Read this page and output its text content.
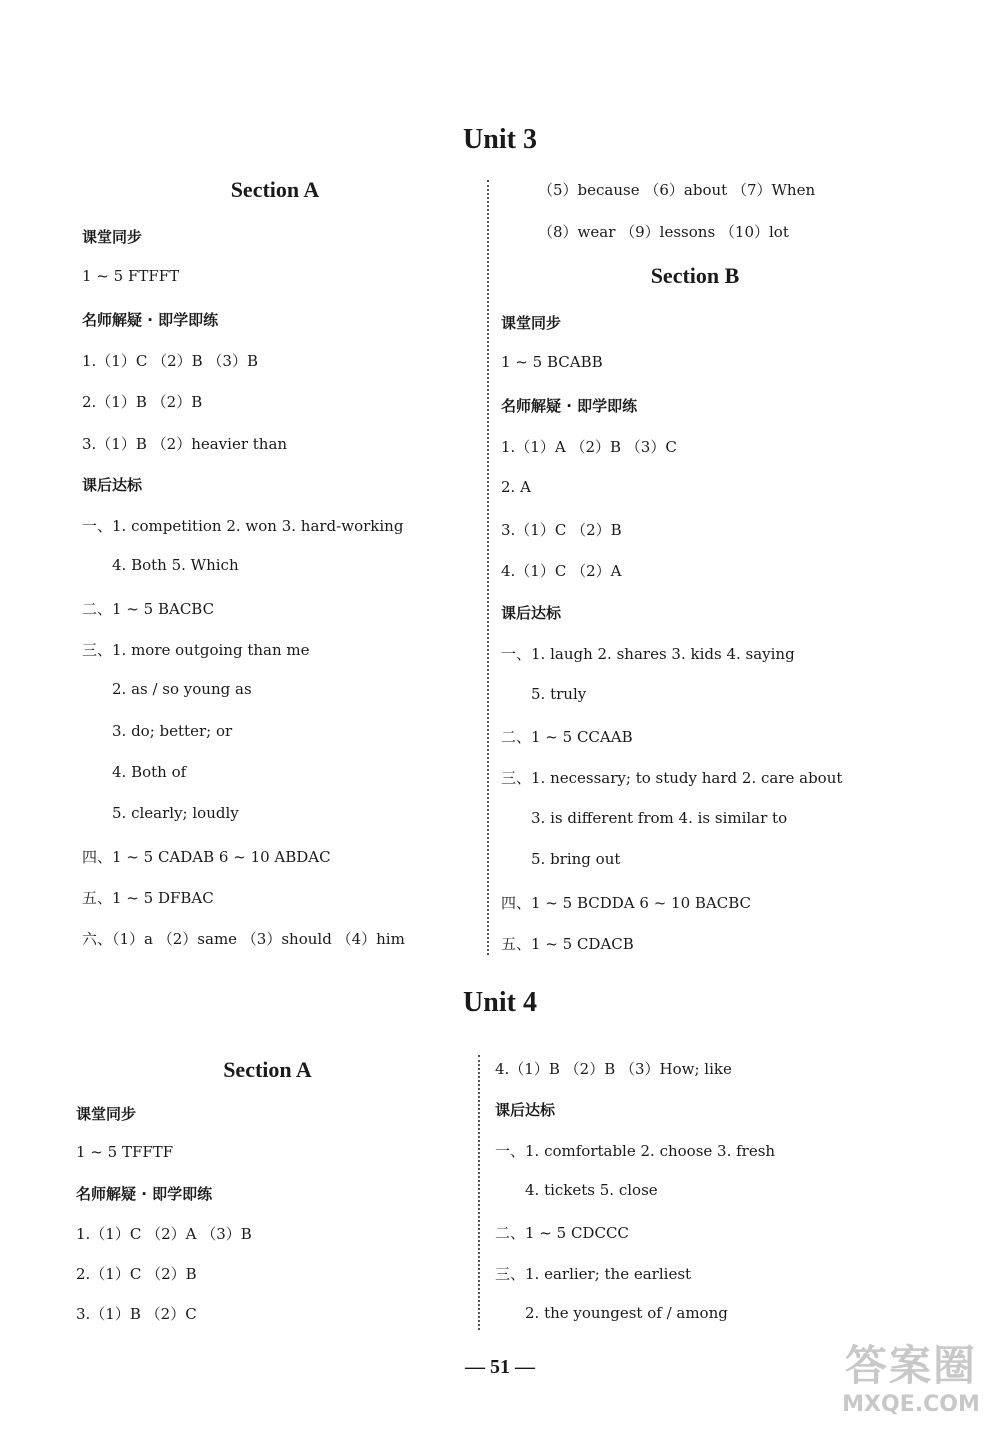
Unit 3
Section A
课堂同步
1 ~ 5 FTFFT
名师解疑 · 即学即练
1.（1）C （2）B （3）B
2.（1）B （2）B
3.（1）B （2）heavier than
课后达标
一、1. competition 2. won 3. hard-working
4. Both 5. Which
二、1 ~ 5 BACBC
三、1. more outgoing than me
2. as / so young as
3. do; better; or
4. Both of
5. clearly; loudly
四、1 ~ 5 CADAB 6 ~ 10 ABDAC
五、1 ~ 5 DFBAC
六、（1）a （2）same （3）should （4）him
（5）because （6）about （7）When
（8）wear （9）lessons （10）lot
Section B
课堂同步
1 ~ 5 BCABB
名师解疑 · 即学即练
1.（1）A （2）B （3）C
2. A
3.（1）C （2）B
4.（1）C （2）A
课后达标
一、1. laugh 2. shares 3. kids 4. saying
5. truly
二、1 ~ 5 CCAAB
三、1. necessary; to study hard 2. care about
3. is different from 4. is similar to
5. bring out
四、1 ~ 5 BCDDA 6 ~ 10 BACBC
五、1 ~ 5 CDACB
Unit 4
Section A
课堂同步
1 ~ 5 TFFTF
名师解疑 · 即学即练
1.（1）C （2）A （3）B
2.（1）C （2）B
3.（1）B （2）C
4.（1）B （2）B （3）How; like
课后达标
一、1. comfortable 2. choose 3. fresh
4. tickets 5. close
二、1 ~ 5 CDCCC
三、1. earlier; the earliest
2. the youngest of / among
— 51 —	答案圈
MXQE.COM
